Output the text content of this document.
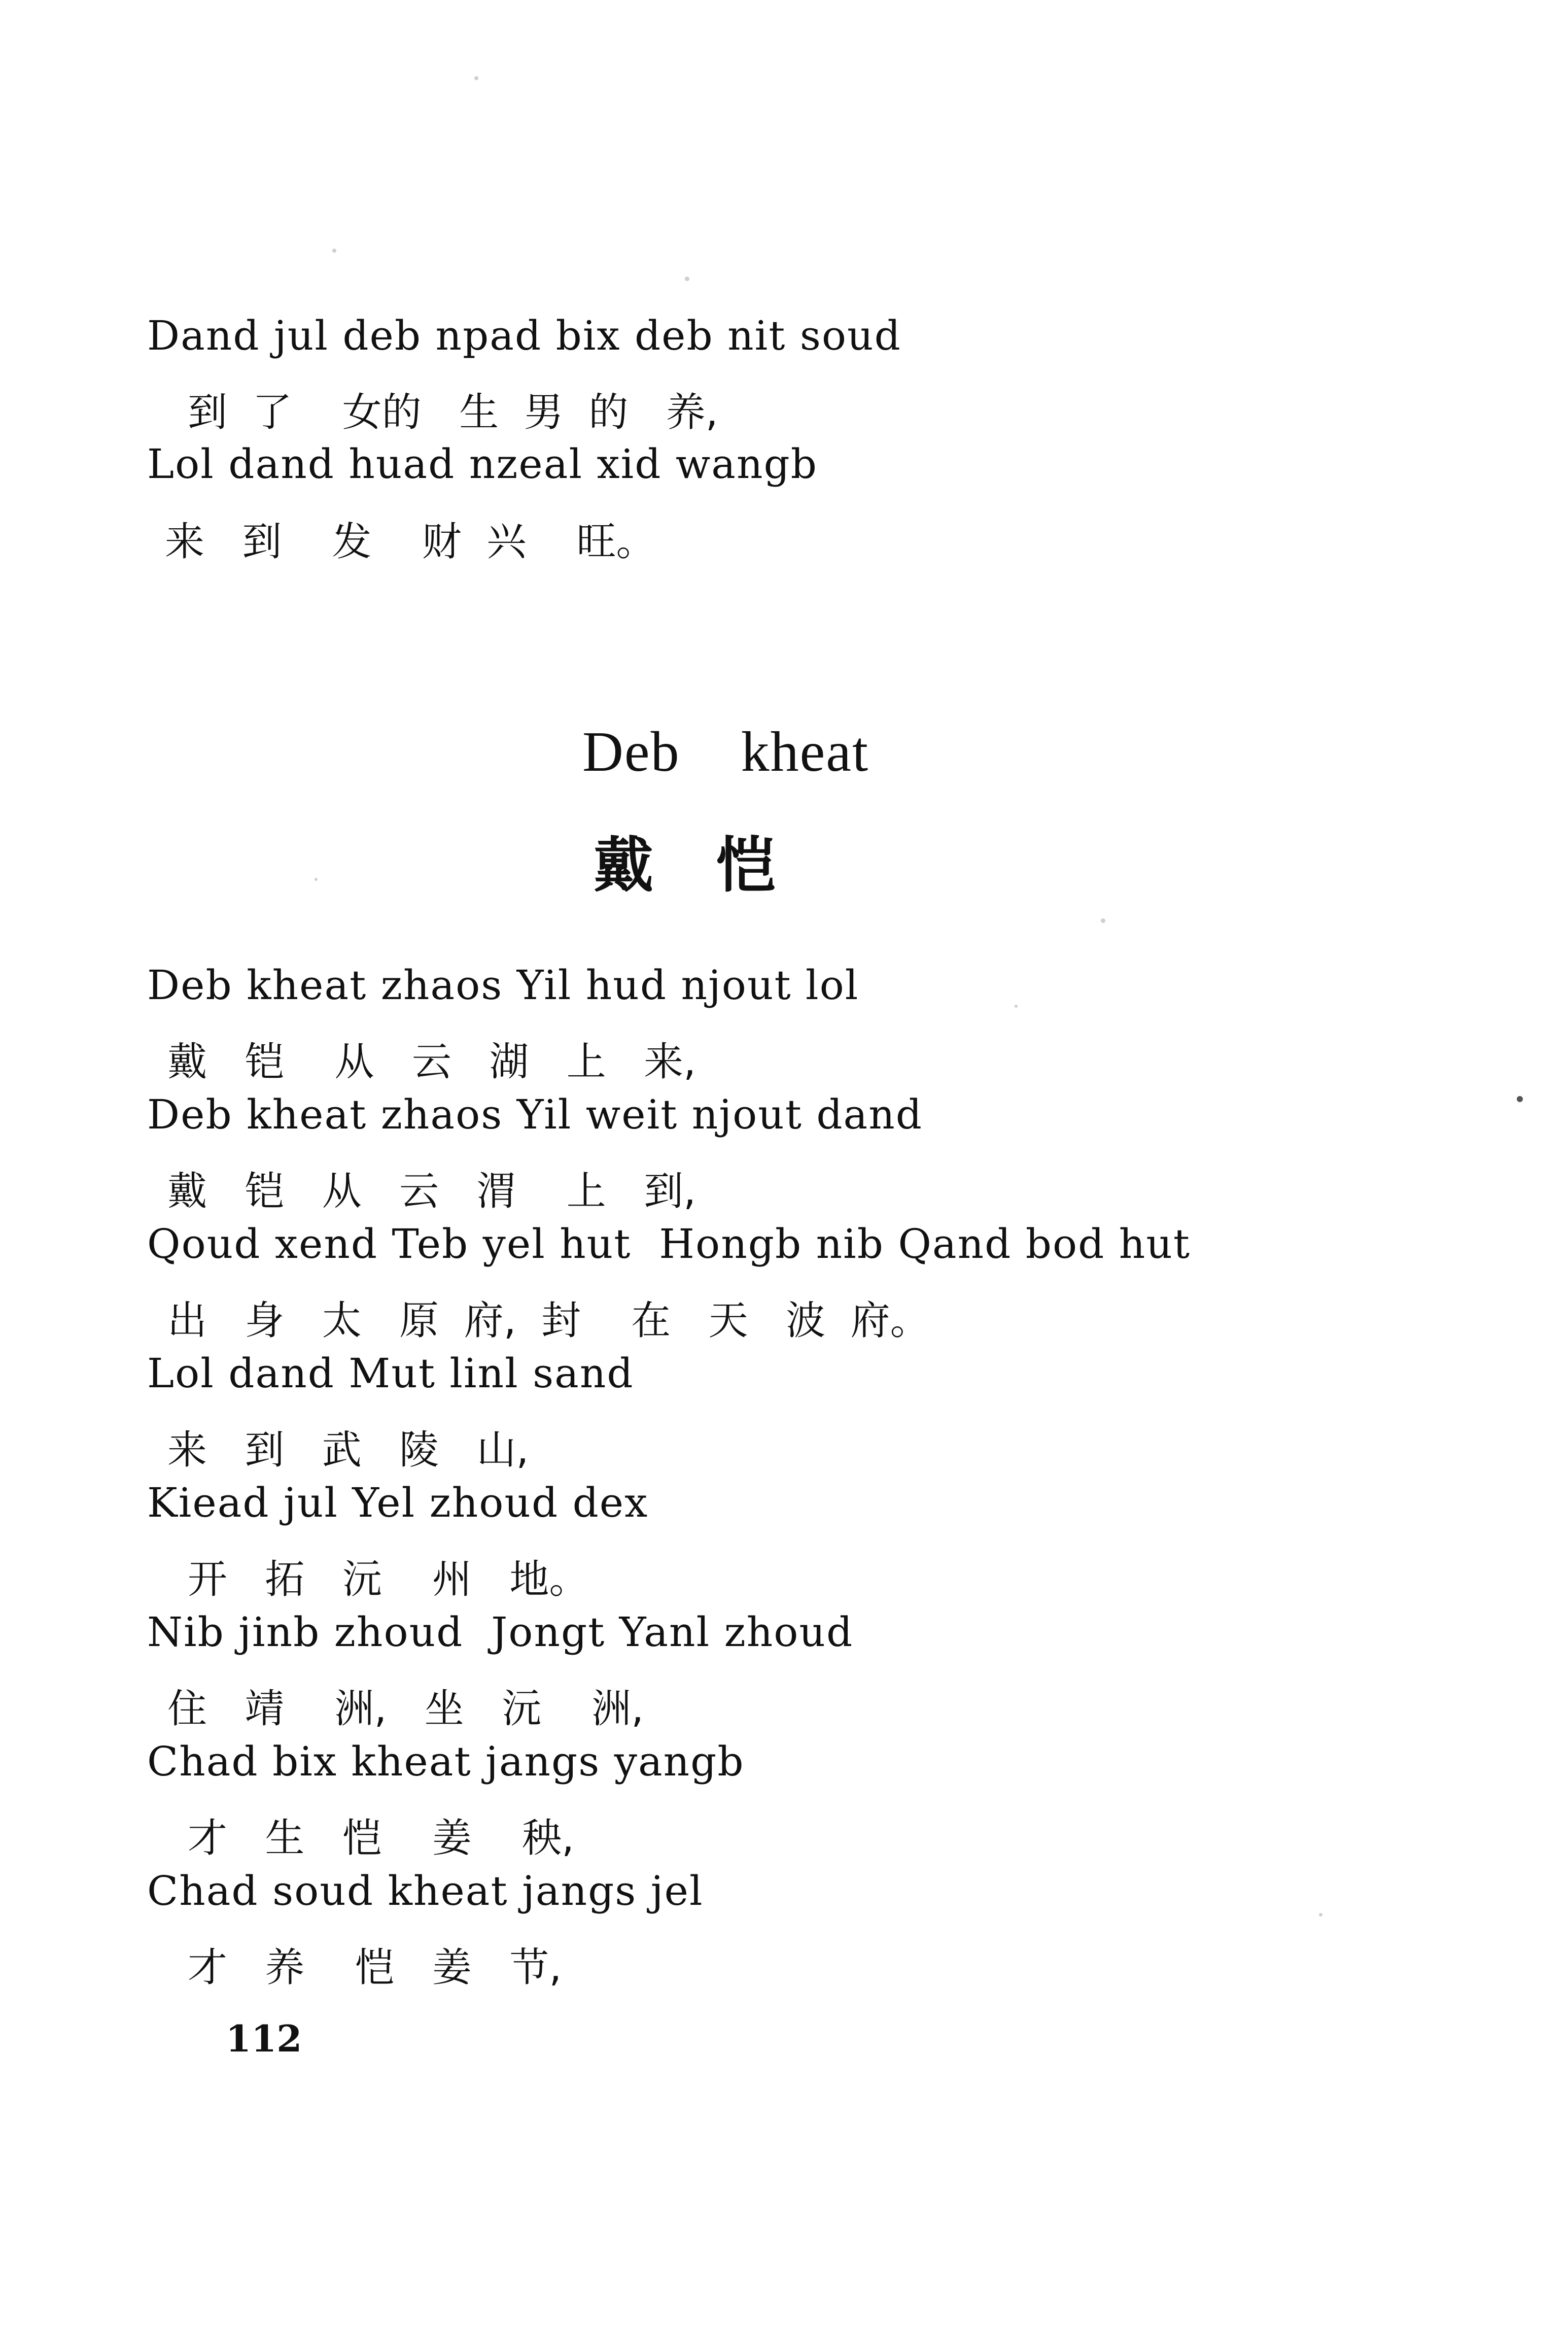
Dand jul deb npad bix deb nit soud
到  了    女的   生  男  的   养,
Lol dand huad nzeal xid wangb
来   到    发    财  兴    旺。
Deb    kheat
戴   恺
Deb kheat zhaos Yil hud njout lol
戴   铠    从   云   湖   上   来,
Deb kheat zhaos Yil weit njout dand
戴   铠   从   云   渭    上   到,
Qoud xend Teb yel hut  Hongb nib Qand bod hut
出   身   太   原  府,  封    在   天   波  府。
Lol dand Mut linl sand
来   到   武   陵   山,
Kiead jul Yel zhoud dex
开   拓   沅    州   地。
Nib jinb zhoud  Jongt Yanl zhoud
住   靖    洲,   坐   沅    洲,
Chad bix kheat jangs yangb
才   生   恺    姜    秧,
Chad soud kheat jangs jel
才   养    恺   姜   节,
112
